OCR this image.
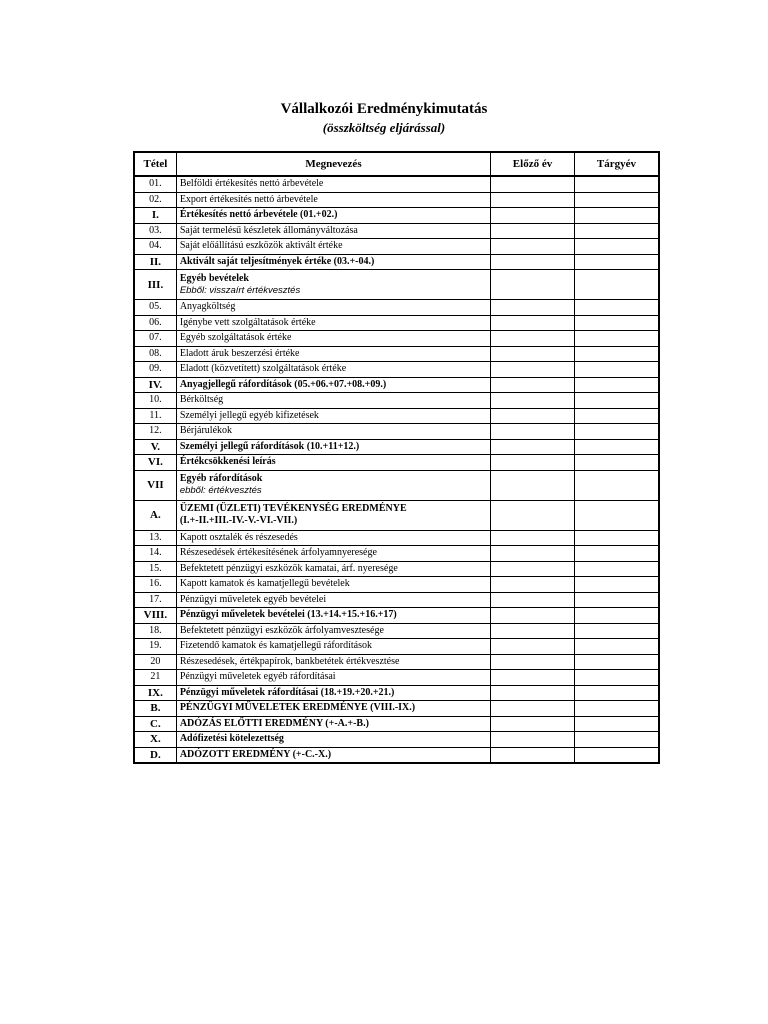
Vállalkozói Eredménykimutatás
(összköltség eljárással)
Tétel	Megnevezés	Előző év	Tárgyév
01.	Belföldi értékesítés nettó árbevétele		
02.	Export értékesítés nettó árbevétele		
I.	Értékesítés nettó árbevétele (01.+02.)		
03.	Saját termelésű készletek állományváltozása		
04.	Saját előállítású eszközök aktivált értéke		
II.	Aktivált saját teljesítmények értéke (03.+-04.)		
III.	Egyéb bevételek
Ebből: visszaírt értékvesztés		

05.	Anyagköltség		
06.	Igénybe vett szolgáltatások értéke		
07.	Egyéb szolgáltatások értéke		
08.	Eladott áruk beszerzési értéke		
09.	Eladott (közvetített) szolgáltatások értéke		
IV.	Anyagjellegű ráfordítások (05.+06.+07.+08.+09.)		
10.	Bérköltség		
11.	Személyi jellegű egyéb kifizetések		
12.	Bérjárulékok		
V.	Személyi jellegű ráfordítások (10.+11+12.)		
VI.	Értékcsökkenési leírás		
VII	Egyéb ráfordítások
ebből: értékvesztés		

A.	ÜZEMI (ÜZLETI) TEVÉKENYSÉG EREDMÉNYE
(I.+-II.+III.-IV.-V.-VI.-VII.)		
13.	Kapott osztalék és részesedés		
14.	Részesedések értékesítésének árfolyamnyeresége		
15.	Befektetett pénzügyi eszközök kamatai, árf. nyeresége		
16.	Kapott kamatok és kamatjellegű bevételek		
17.	Pénzügyi műveletek egyéb bevételei		
VIII.	Pénzügyi műveletek bevételei (13.+14.+15.+16.+17)		
18.	Befektetett pénzügyi eszközök árfolyamvesztesége		
19.	Fizetendő kamatok és kamatjellegű ráfordítások		
20	Részesedések, értékpapírok, bankbetétek értékvesztése		
21	Pénzügyi műveletek egyéb ráfordításai		
IX.	Pénzügyi műveletek ráfordításai (18.+19.+20.+21.)		
B.	PÉNZÜGYI MŰVELETEK EREDMÉNYE (VIII.-IX.)		
C.	ADÓZÁS ELŐTTI EREDMÉNY (+-A.+-B.)		
X.	Adófizetési kötelezettség		
D.	ADÓZOTT EREDMÉNY (+-C.-X.)		
